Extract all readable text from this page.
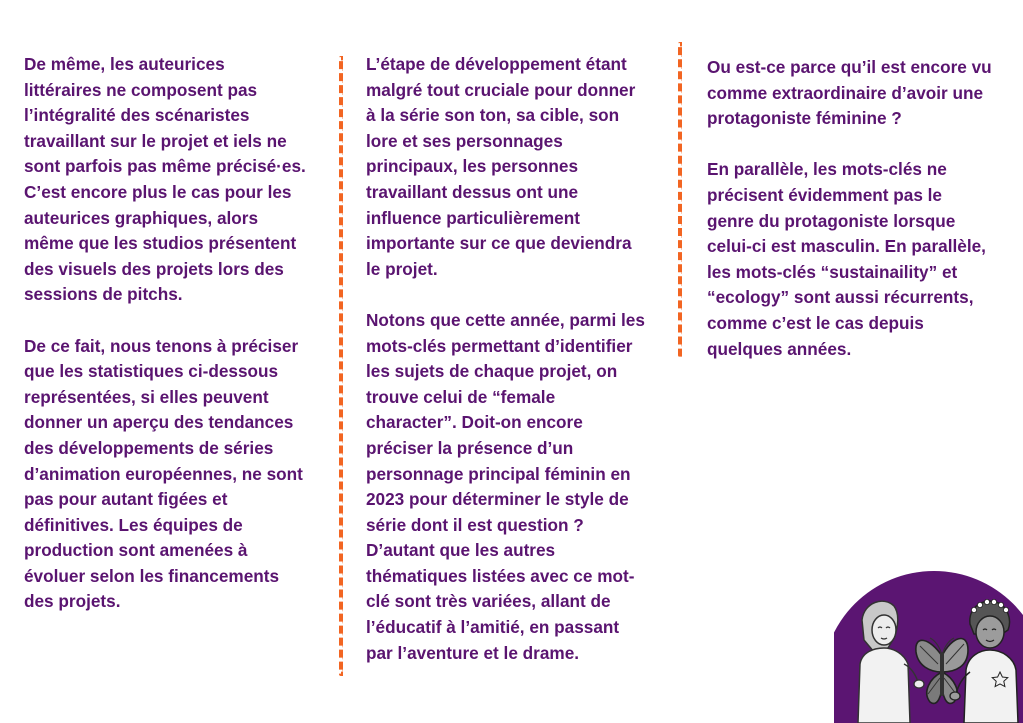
De même, les auteurices
littéraires ne composent pas
l’intégralité des scénaristes
travaillant sur le projet et iels ne
sont parfois pas même précisé·es.
C’est encore plus le cas pour les
auteurices graphiques, alors
même que les studios présentent
des visuels des projets lors des
sessions de pitchs.

De ce fait, nous tenons à préciser
que les statistiques ci-dessous
représentées, si elles peuvent
donner un aperçu des tendances
des développements de séries
d’animation européennes, ne sont
pas pour autant figées et
définitives. Les équipes de
production sont amenées à
évoluer selon les financements
des projets.

L’étape de développement étant
malgré tout cruciale pour donner
à la série son ton, sa cible, son
lore et ses personnages
principaux, les personnes
travaillant dessus ont une
influence particulièrement
importante sur ce que deviendra
le projet.

Notons que cette année, parmi les
mots-clés permettant d’identifier
les sujets de chaque projet, on
trouve celui de “female
character”. Doit-on encore
préciser la présence d’un
personnage principal féminin en
2023 pour déterminer le style de
série dont il est question ?
D’autant que les autres
thématiques listées avec ce mot-
clé sont très variées, allant de
l’éducatif à l’amitié, en passant
par l’aventure et le drame.

Ou est-ce parce qu’il est encore vu
comme extraordinaire d’avoir une
protagoniste féminine ?

En parallèle, les mots-clés ne
précisent évidemment pas le
genre du protagoniste lorsque
celui-ci est masculin. En parallèle,
les mots-clés “sustainaility” et
“ecology” sont aussi récurrents,
comme c’est le cas depuis
quelques années.
